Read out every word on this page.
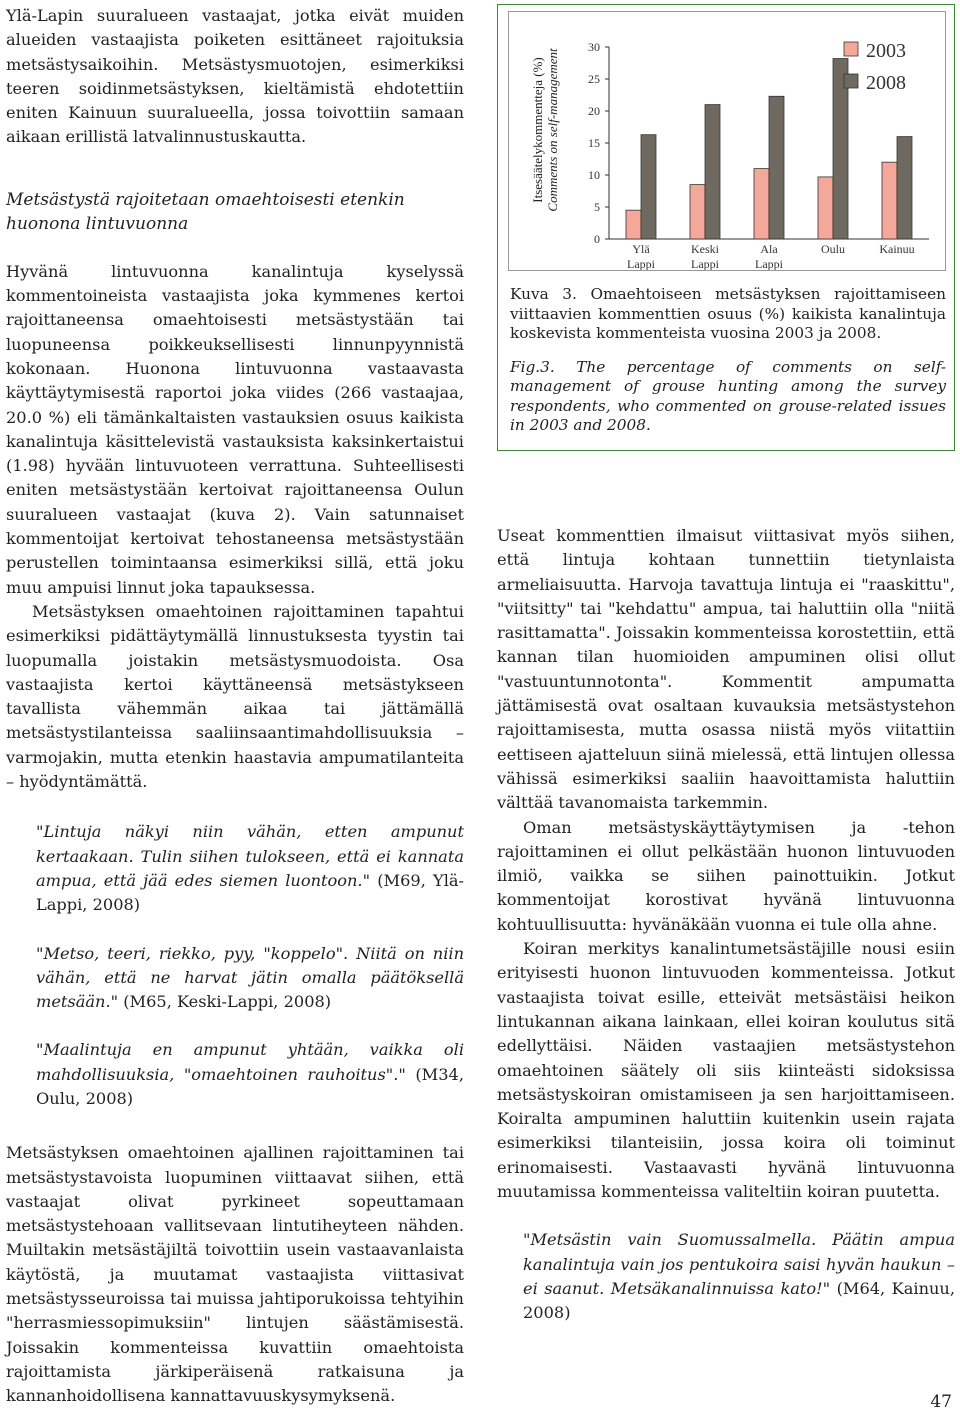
Ylä-Lapin suuralueen vastaajat, jotka eivät muiden alueiden vastaajista poiketen esittäneet rajoituksia metsästysaikoihin. Metsästysmuotojen, esimerkiksi teeren soidinmetsästyksen, kieltämistä ehdotettiin eniten Kainuun suuralueella, jossa toivottiin samaan aikaan erillistä latvalinnustuskautta.

Metsästystä rajoitetaan omaehtoisesti etenkin huonona lintuvuonna

Hyvänä lintuvuonna kanalintuja kyselyssä kommentoineista vastaajista joka kymmenes kertoi rajoittaneensa omaehtoisesti metsästystään tai luopuneensa poikkeuksellisesti linnunpyynnistä kokonaan. Huonona lintuvuonna vastaavasta käyttäytymisestä raportoi joka viides (266 vastaajaa, 20.0 %) eli tämänkaltaisten vastauksien osuus kaikista kanalintuja käsittelevistä vastauksista kaksinkertaistui (1.98) hyvään lintuvuoteen verrattuna. Suhteellisesti eniten metsästystään kertoivat rajoittaneensa Oulun suuralueen vastaajat (kuva 2). Vain satunnaiset kommentoijat kertoivat tehostaneensa metsästystään perustellen toimintaansa esimerkiksi sillä, että joku muu ampuisi linnut joka tapauksessa.

Metsästyksen omaehtoinen rajoittaminen tapahtui esimerkiksi pidättäytymällä linnustuksesta tyystin tai luopumalla joistakin metsästysmuodoista. Osa vastaajista kertoi käyttäneensä metsästykseen tavallista vähemmän aikaa tai jättämällä metsästystilanteissa saaliinsaantimahdollisuuksia – varmojakin, mutta etenkin haastavia ampumatilanteita – hyödyntämättä.

"Lintuja näkyi niin vähän, etten ampunut kertaakaan. Tulin siihen tulokseen, että ei kannata ampua, että jää edes siemen luontoon." (M69, Ylä-Lappi, 2008)

"Metso, teeri, riekko, pyy, "koppelo". Niitä on niin vähän, että ne harvat jätin omalla päätöksellä metsään." (M65, Keski-Lappi, 2008)

"Maalintuja en ampunut yhtään, vaikka oli mahdollisuuksia, "omaehtoinen rauhoitus"." (M34, Oulu, 2008)

Metsästyksen omaehtoinen ajallinen rajoittaminen tai metsästystavoista luopuminen viittaavat siihen, että vastaajat olivat pyrkineet sopeuttamaan metsästystehoaan vallitsevaan lintutiheyteen nähden. Muiltakin metsästäjiltä toivottiin usein vastaavanlaista käytöstä, ja muutamat vastaajista viittasivat metsästysseuroissa tai muissa jahtiporukoissa tehtyihin "herrasmiessopimuksiin" lintujen säästämisestä. Joissakin kommenteissa kuvattiin omaehtoista rajoittamista järkiperäisenä ratkaisuna ja kannanhoidollisena kannattavuuskysymyksenä.

Itsesäätelykommentteja (%) Comments on self-management
0
5
10
15
20
25
30
Ylä
Lappi
Keski
Lappi
Ala
Lappi
Oulu	Kainuu
2003
2008

Kuva 3. Omaehtoiseen metsästyksen rajoittamiseen viittaavien kommenttien osuus (%) kaikista kanalintuja koskevista kommenteista vuosina 2003 ja 2008.

Fig.3. The percentage of comments on self-management of grouse hunting among the survey respondents, who commented on grouse-related issues in 2003 and 2008.

Useat kommenttien ilmaisut viittasivat myös siihen, että lintuja kohtaan tunnettiin tietynlaista armeliaisuutta. Harvoja tavattuja lintuja ei "raaskittu", "viitsitty" tai "kehdattu" ampua, tai haluttiin olla "niitä rasittamatta". Joissakin kommenteissa korostettiin, että kannan tilan huomioiden ampuminen olisi ollut "vastuuntunnotonta". Kommentit ampumatta jättämisestä ovat osaltaan kuvauksia metsästystehon rajoittamisesta, mutta osassa niistä myös viitattiin eettiseen ajatteluun siinä mielessä, että lintujen ollessa vähissä esimerkiksi saaliin haavoittamista haluttiin välttää tavanomaista tarkemmin.

Oman metsästyskäyttäytymisen ja -tehon rajoittaminen ei ollut pelkästään huonon lintuvuoden ilmiö, vaikka se siihen painottuikin. Jotkut kommentoijat korostivat hyvänä lintuvuonna kohtuullisuutta: hyvänäkään vuonna ei tule olla ahne.

Koiran merkitys kanalintumetsästäjille nousi esiin erityisesti huonon lintuvuoden kommenteissa. Jotkut vastaajista toivat esille, etteivät metsästäisi heikon lintukannan aikana lainkaan, ellei koiran koulutus sitä edellyttäisi. Näiden vastaajien metsästystehon omaehtoinen säätely oli siis kiinteästi sidoksissa metsästyskoiran omistamiseen ja sen harjoittamiseen. Koiralta ampuminen haluttiin kuitenkin usein rajata esimerkiksi tilanteisiin, jossa koira oli toiminut erinomaisesti. Vastaavasti hyvänä lintuvuonna muutamissa kommenteissa valiteltiin koiran puutetta.

"Metsästin vain Suomussalmella. Päätin ampua kanalintuja vain jos pentukoira saisi hyvän haukun – ei saanut. Metsäkanalinnuissa kato!" (M64, Kainuu, 2008)

47
